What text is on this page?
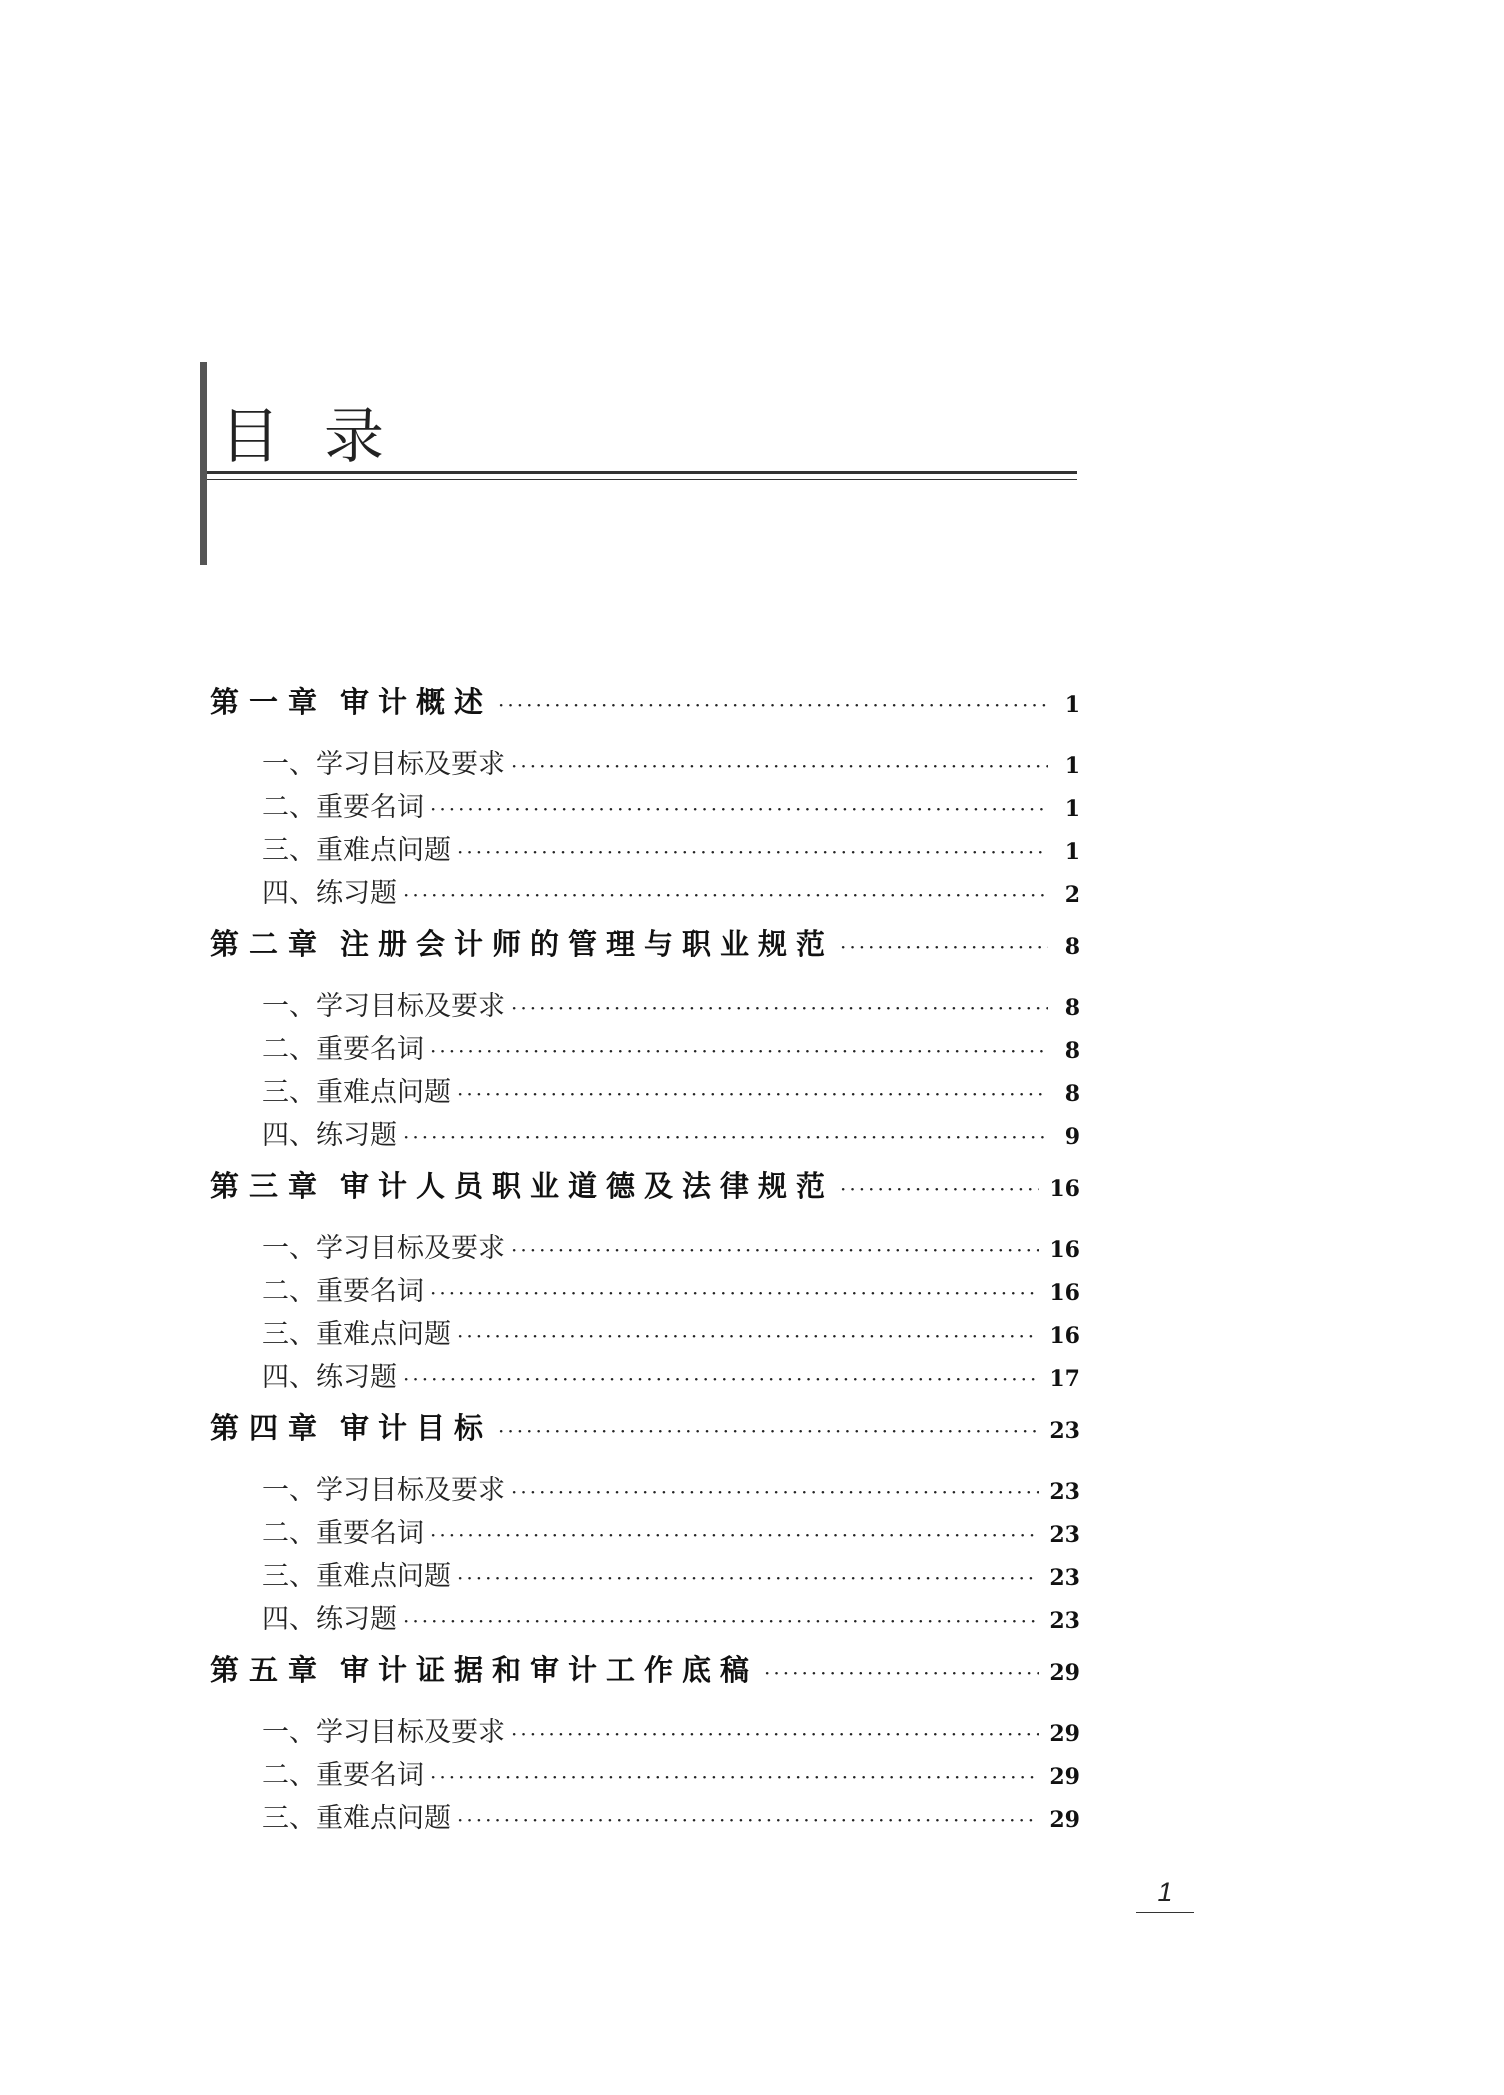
目 录
第一章 审计概述 ·····	1
一、学习目标及要求 ·····	1
二、重要名词 ·····	1
三、重难点问题 ·····	1
四、练习题 ·····	2
第二章 注册会计师的管理与职业规范 ·····	8
一、学习目标及要求 ·····	8
二、重要名词 ·····	8
三、重难点问题 ·····	8
四、练习题 ·····	9
第三章 审计人员职业道德及法律规范 ·····	16
一、学习目标及要求 ·····	16
二、重要名词 ·····	16
三、重难点问题 ·····	16
四、练习题 ·····	17
第四章 审计目标 ·····	23
一、学习目标及要求 ·····	23
二、重要名词 ·····	23
三、重难点问题 ·····	23
四、练习题 ·····	23
第五章 审计证据和审计工作底稿 ·····	29
一、学习目标及要求 ·····	29
二、重要名词 ·····	29
三、重难点问题 ·····	29
1
